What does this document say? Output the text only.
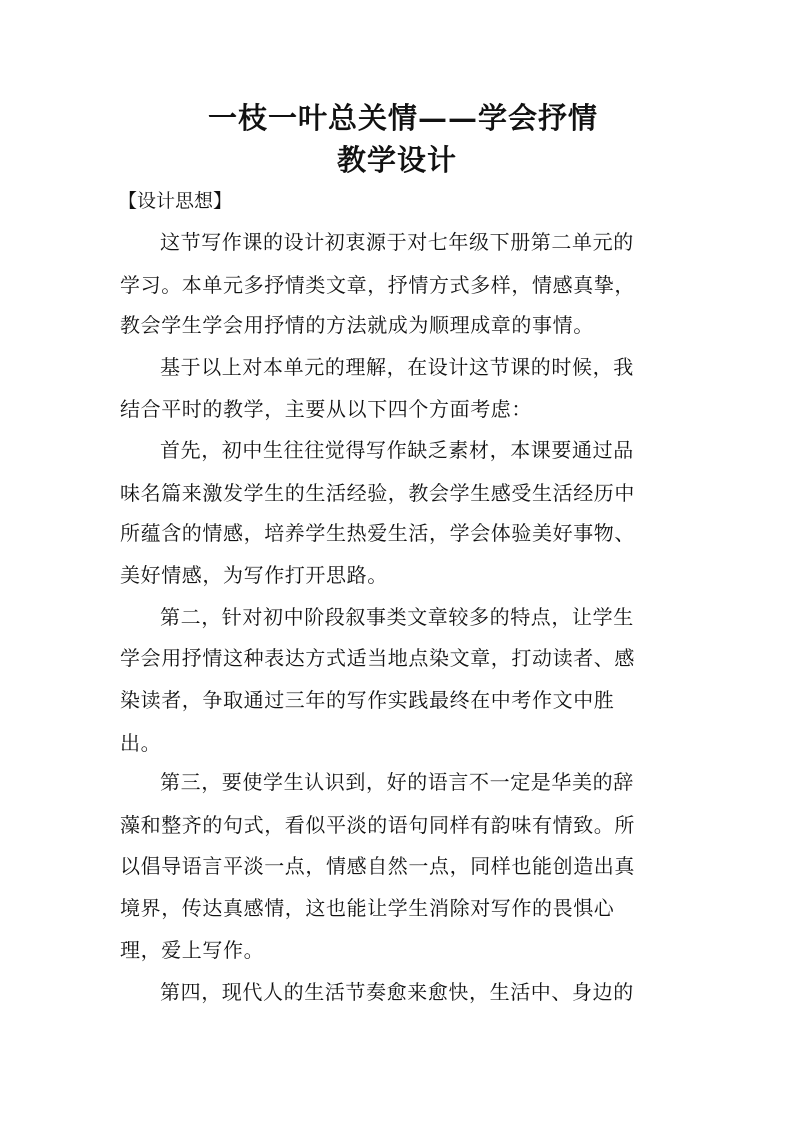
一枝一叶总关情——学会抒情
教学设计
【设计思想】
这节写作课的设计初衷源于对七年级下册第二单元的
学习。本单元多抒情类文章，抒情方式多样，情感真挚，
教会学生学会用抒情的方法就成为顺理成章的事情。
基于以上对本单元的理解，在设计这节课的时候，我
结合平时的教学，主要从以下四个方面考虑：
首先，初中生往往觉得写作缺乏素材，本课要通过品
味名篇来激发学生的生活经验，教会学生感受生活经历中
所蕴含的情感，培养学生热爱生活，学会体验美好事物、
美好情感，为写作打开思路。
第二，针对初中阶段叙事类文章较多的特点，让学生
学会用抒情这种表达方式适当地点染文章，打动读者、感
染读者，争取通过三年的写作实践最终在中考作文中胜
出。
第三，要使学生认识到，好的语言不一定是华美的辞
藻和整齐的句式，看似平淡的语句同样有韵味有情致。所
以倡导语言平淡一点，情感自然一点，同样也能创造出真
境界，传达真感情，这也能让学生消除对写作的畏惧心
理，爱上写作。
第四，现代人的生活节奏愈来愈快，生活中、身边的
